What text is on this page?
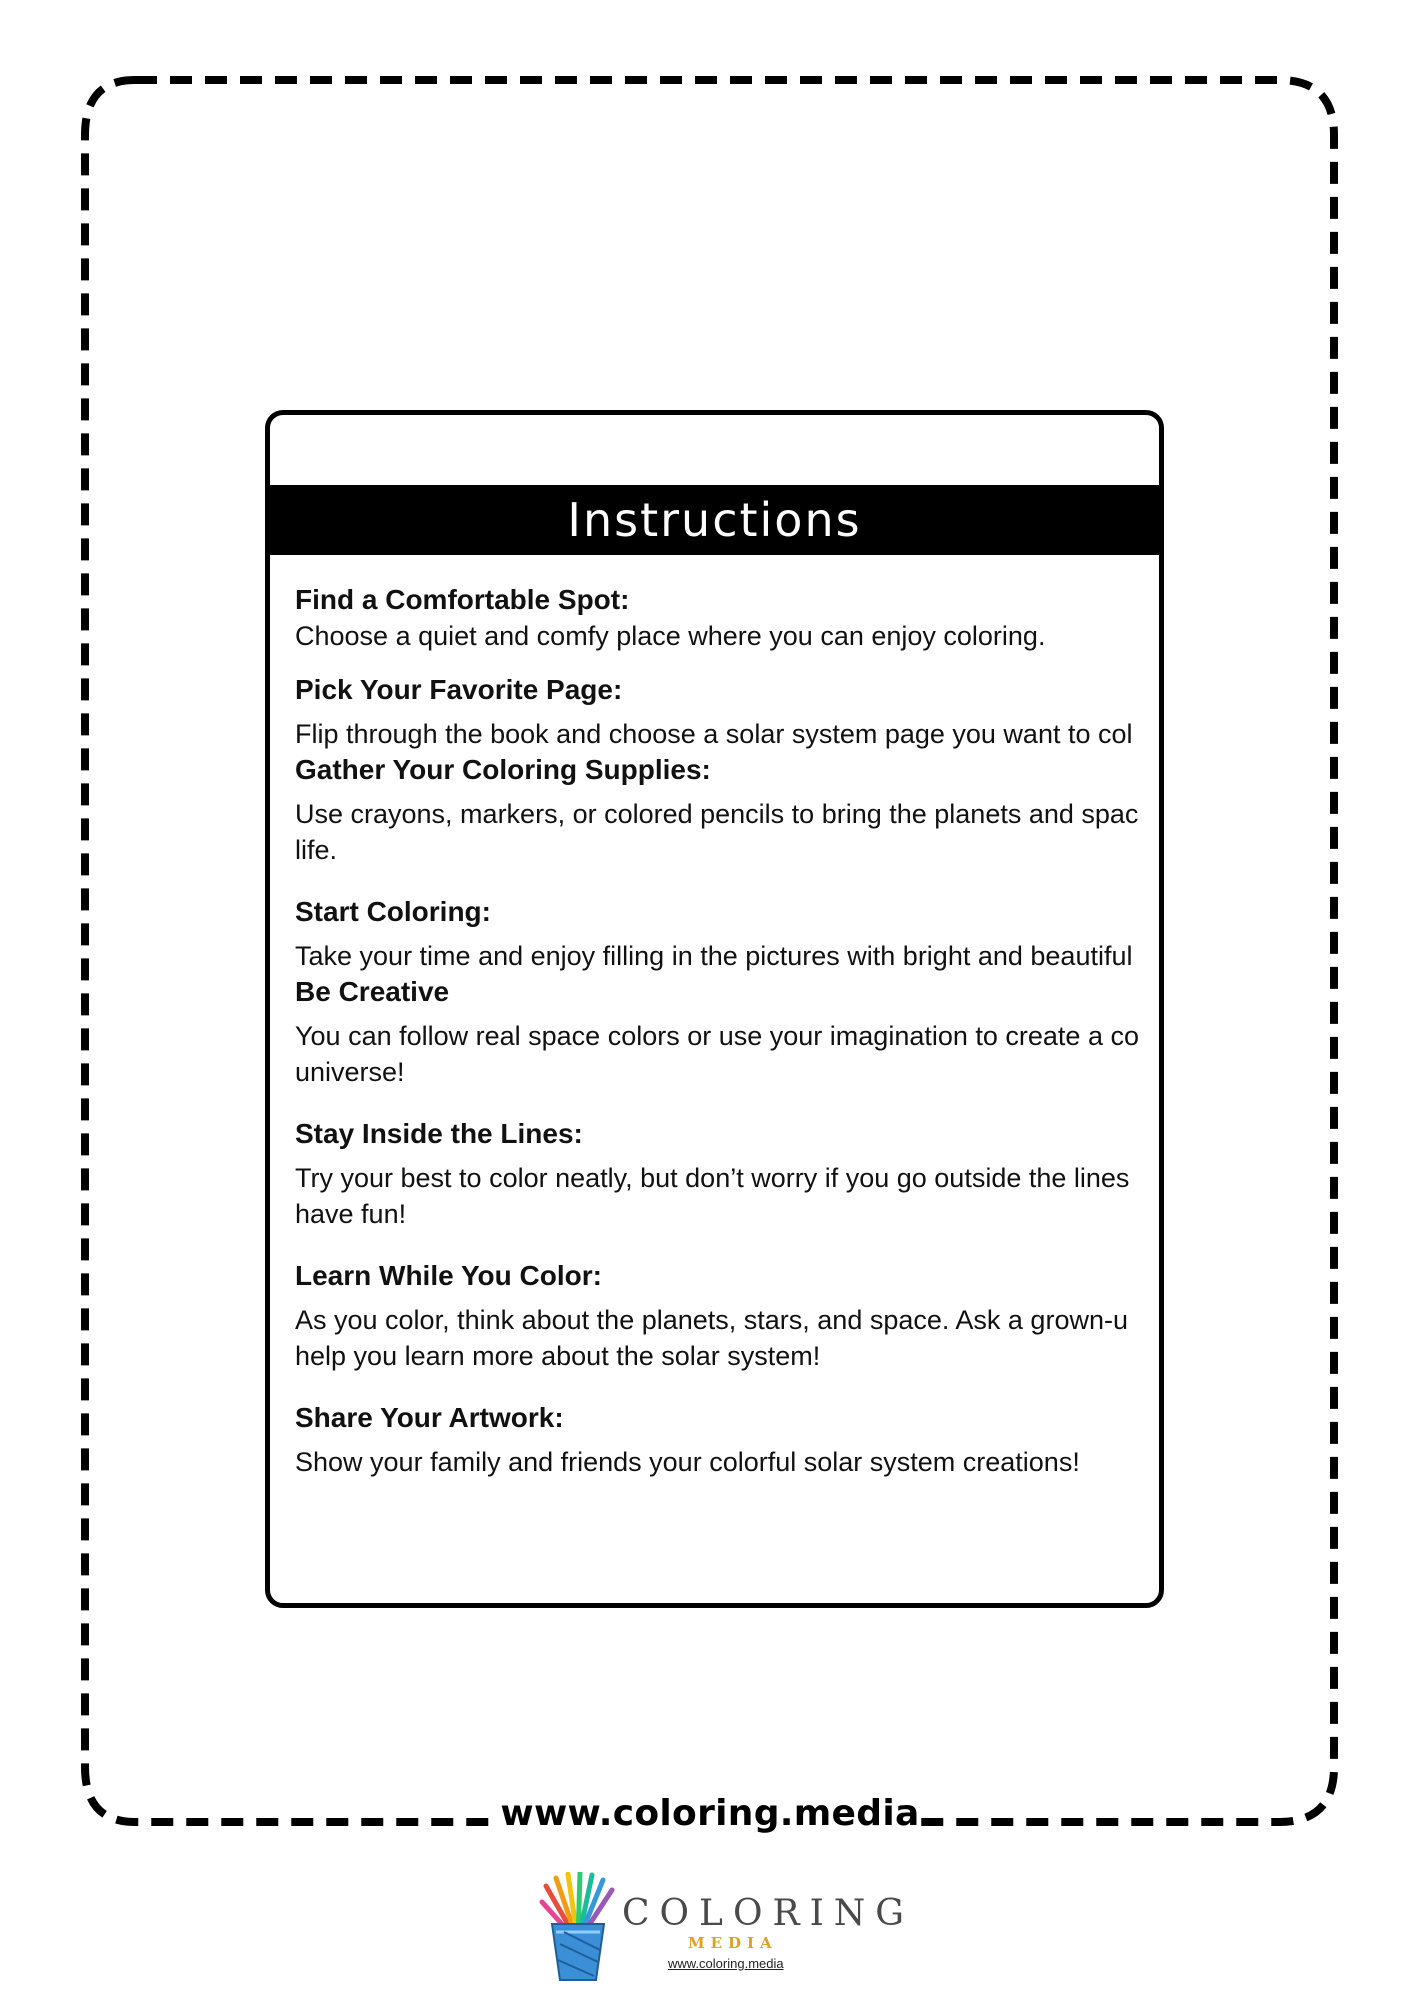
www.coloring.media
Instructions
Find a Comfortable Spot:

Choose a quiet and comfy place where you can enjoy coloring.

Pick Your Favorite Page:

Flip through the book and choose a solar system page you want to col

Gather Your Coloring Supplies:

Use crayons, markers, or colored pencils to bring the planets and spac

life.

Start Coloring:

Take your time and enjoy filling in the pictures with bright and beautiful

Be Creative

You can follow real space colors or use your imagination to create a co

universe!

Stay Inside the Lines:

Try your best to color neatly, but don’t worry if you go outside the lines

have fun!

Learn While You Color:

As you color, think about the planets, stars, and space. Ask a grown-u

help you learn more about the solar system!

Share Your Artwork:

Show your family and friends your colorful solar system creations!

COLORING
MEDIA
www.coloring.media
